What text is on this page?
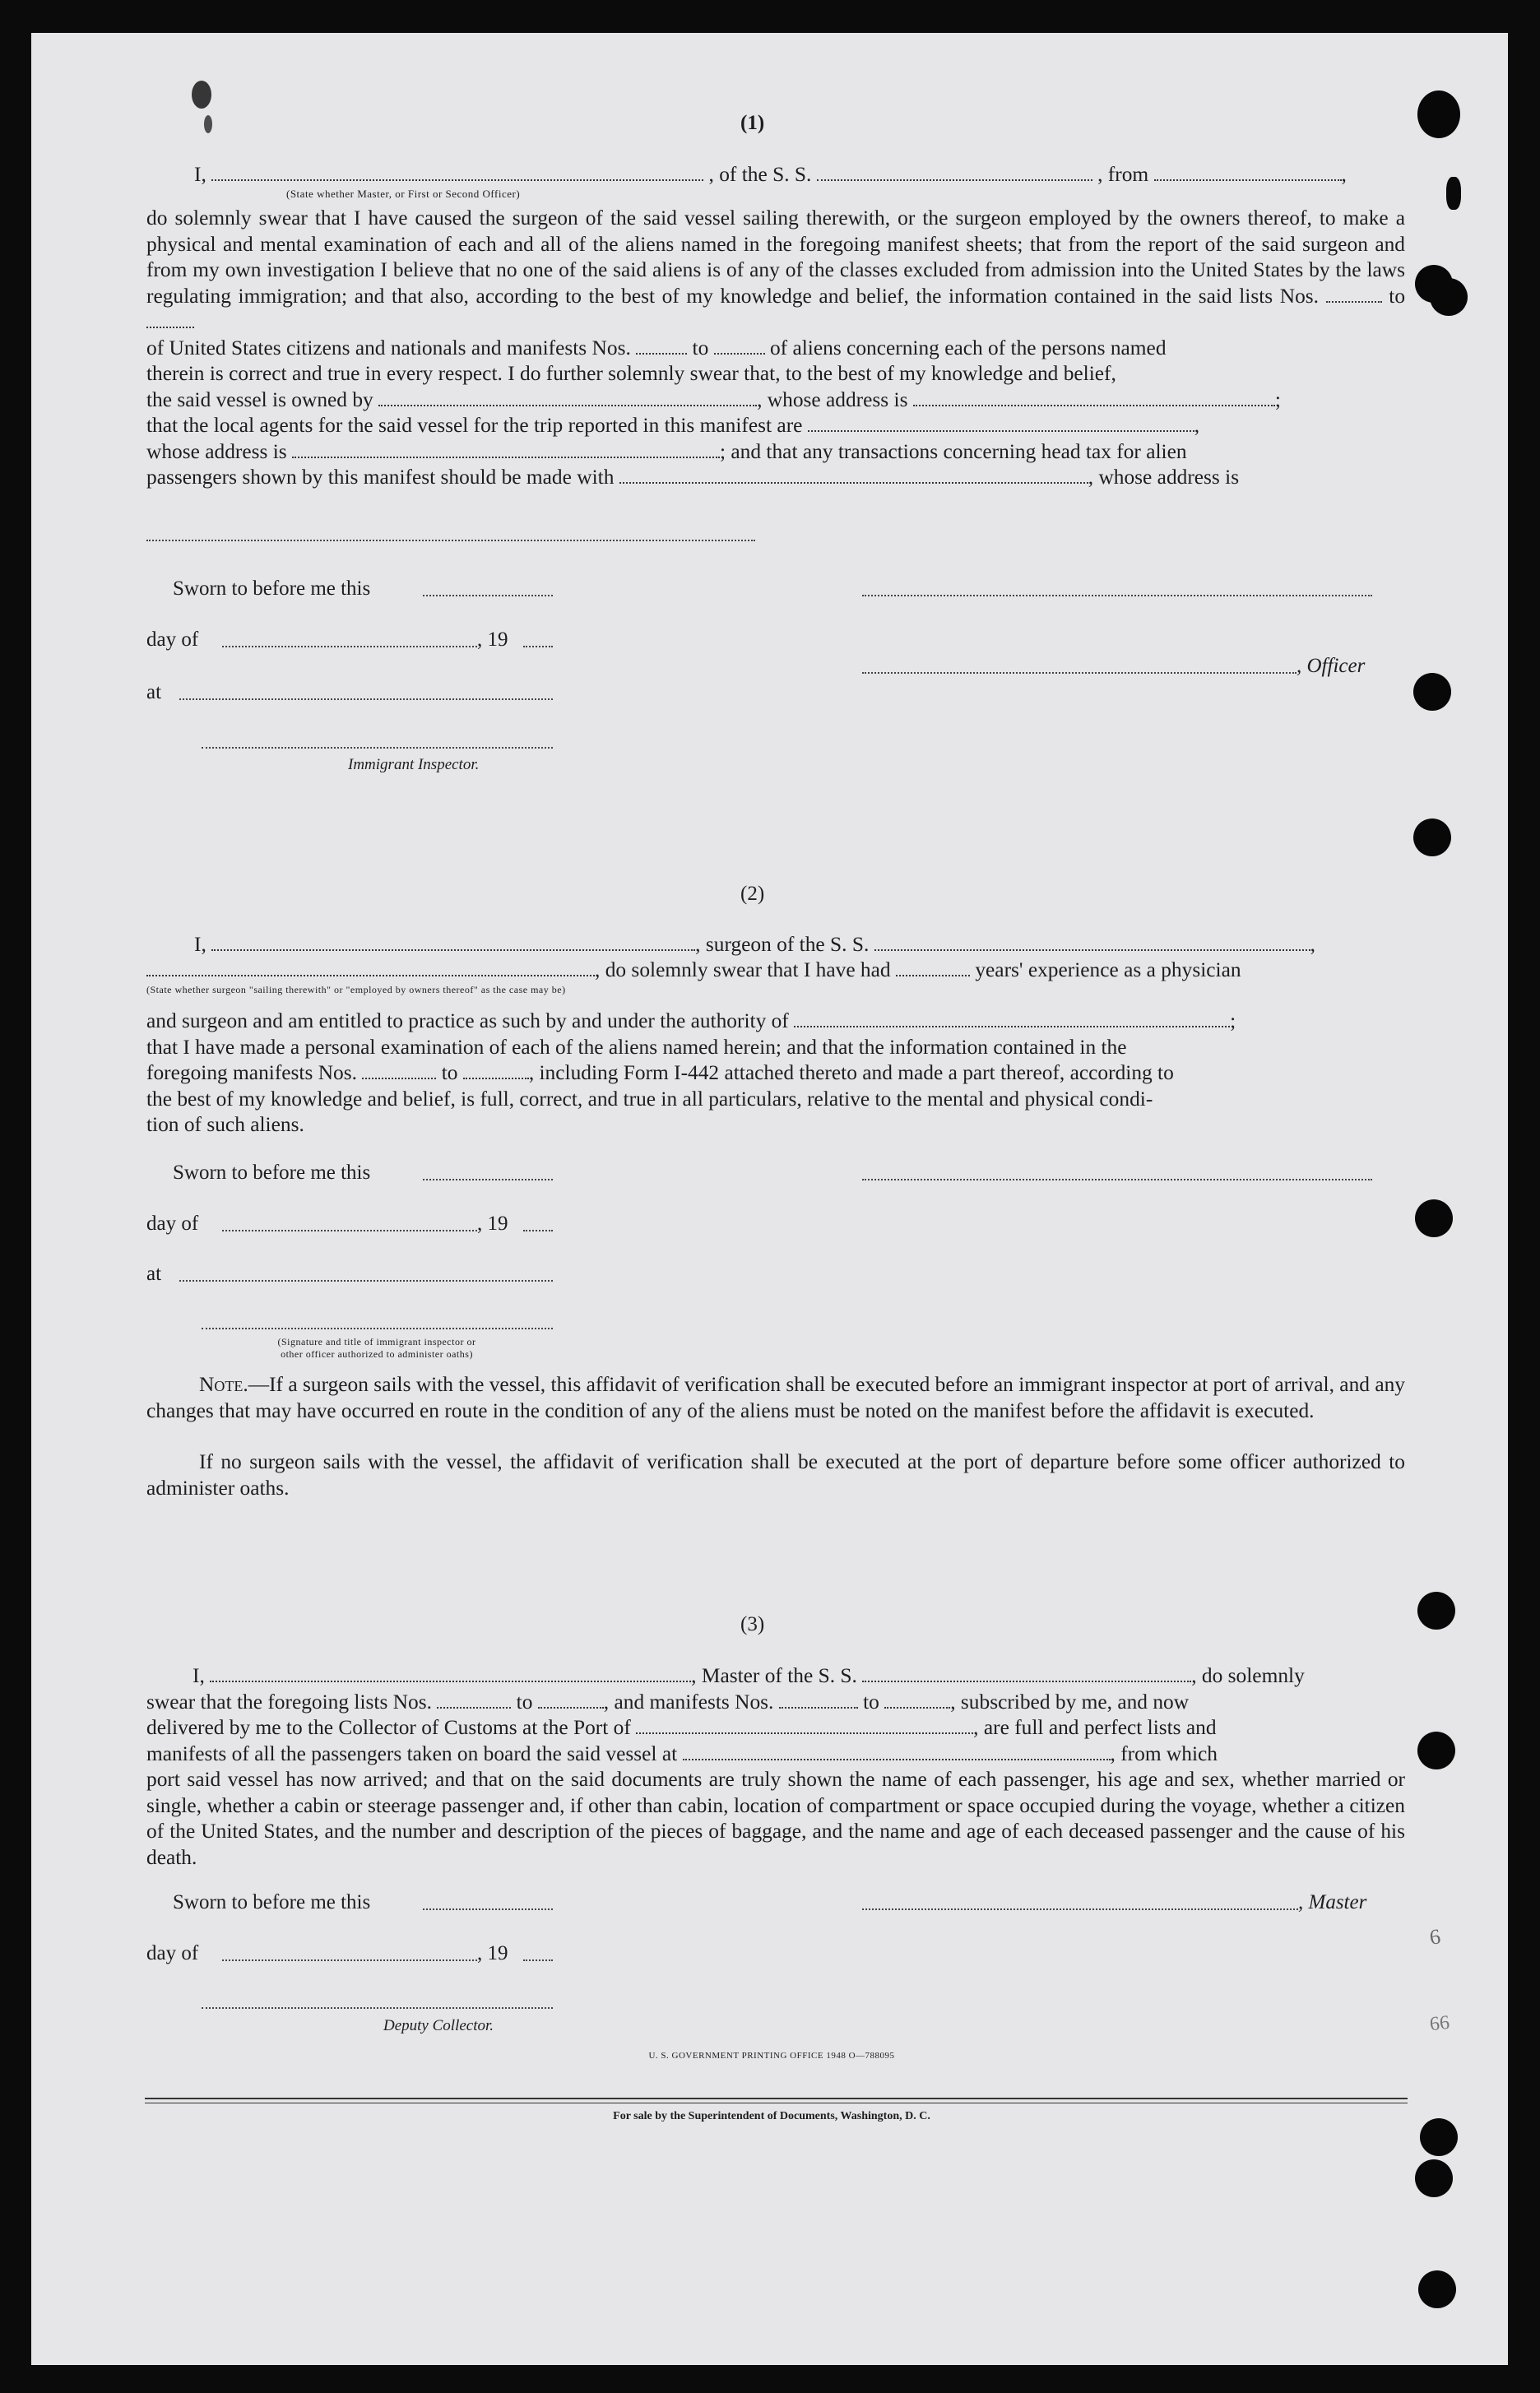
(1)
I,	, of the S. S.	, from	,
(State whether Master, or First or Second Officer)
do solemnly swear that I have caused the surgeon of the said vessel sailing therewith, or the surgeon employed by the owners thereof, to make a physical and mental examination of each and all of the aliens named in the foregoing manifest sheets; that from the report of the said surgeon and from my own investigation I believe that no one of the said aliens is of any of the classes excluded from admission into the United States by the laws regulating immigration; and that also, according to the best of my knowledge and belief, the information contained in the said lists Nos.	to
of United States citizens and nationals and manifests Nos.	to	of aliens concerning each of the persons named
therein is correct and true in every respect. I do further solemnly swear that, to the best of my knowledge and belief,
the said vessel is owned by	, whose address is	;
that the local agents for the said vessel for the trip reported in this manifest are	,
whose address is	; and that any transactions concerning head tax for alien
passengers shown by this manifest should be made with	, whose address is
Sworn to before me this
day of	, 19
, Officer
at
Immigrant Inspector.
(2)
I,	, surgeon of the S. S.	,
, do solemnly swear that I have had	years' experience as a physician
(State whether surgeon "sailing therewith" or "employed by owners thereof" as the case may be)
and surgeon and am entitled to practice as such by and under the authority of	;
that I have made a personal examination of each of the aliens named herein; and that the information contained in the
foregoing manifests Nos.	to	, including Form I-442 attached thereto and made a part thereof, according to
the best of my knowledge and belief, is full, correct, and true in all particulars, relative to the mental and physical condi-
tion of such aliens.
Sworn to before me this
day of	, 19
at
(Signature and title of immigrant inspector or
other officer authorized to administer oaths)
Note.—If a surgeon sails with the vessel, this affidavit of verification shall be executed before an immigrant inspector at port of arrival, and any changes that may have occurred en route in the condition of any of the aliens must be noted on the manifest before the affidavit is executed.
If no surgeon sails with the vessel, the affidavit of verification shall be executed at the port of departure before some officer authorized to administer oaths.
(3)
I,	, Master of the S. S.	, do solemnly
swear that the foregoing lists Nos.	to	, and manifests Nos.	to	, subscribed by me, and now
delivered by me to the Collector of Customs at the Port of	, are full and perfect lists and
manifests of all the passengers taken on board the said vessel at	, from which
port said vessel has now arrived; and that on the said documents are truly shown the name of each passenger, his age and sex, whether married or single, whether a cabin or steerage passenger and, if other than cabin, location of compartment or space occupied during the voyage, whether a citizen of the United States, and the number and description of the pieces of baggage, and the name and age of each deceased passenger and the cause of his death.
Sworn to before me this	, Master
day of	, 19
Deputy Collector.
U. S. GOVERNMENT PRINTING OFFICE 1948 O—788095
For sale by the Superintendent of Documents, Washington, D. C.
6
66
